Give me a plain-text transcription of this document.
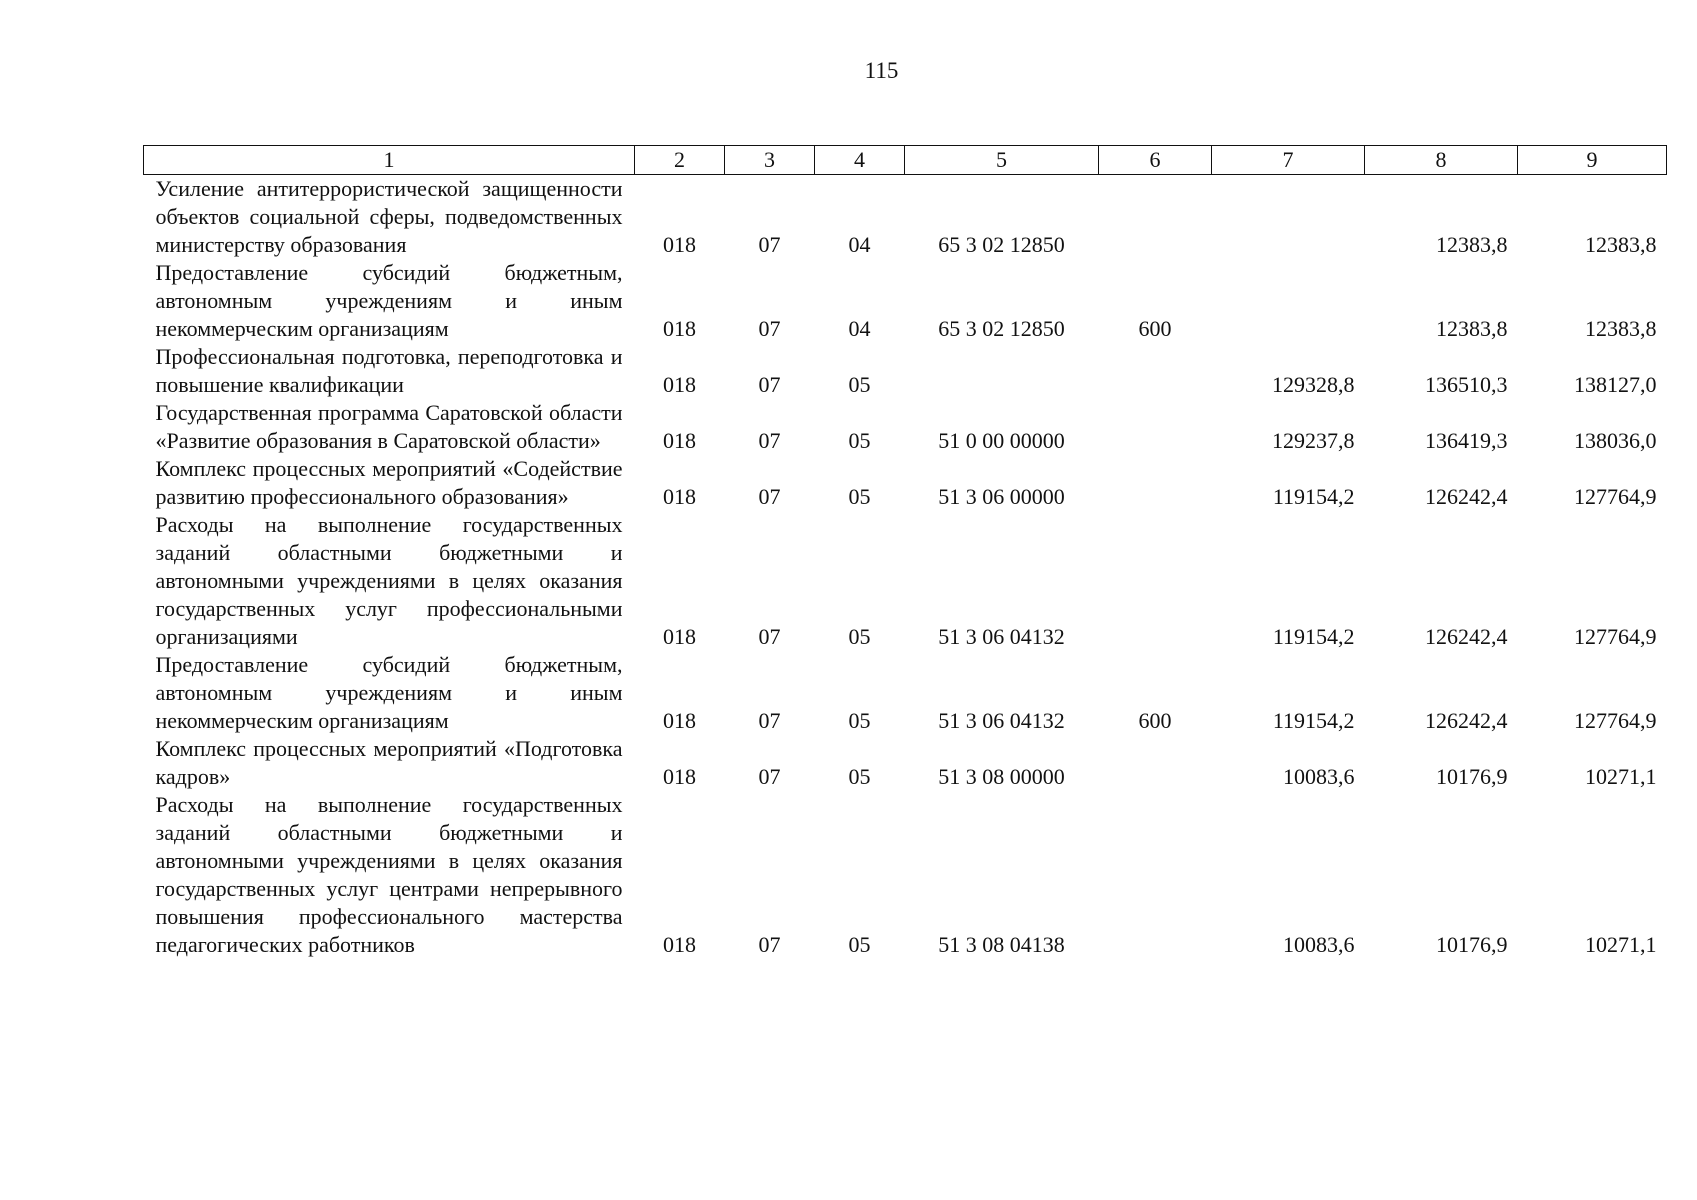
115
1	2	3	4	5	6	7	8	9
Усиление антитеррористической защищенности объектов социальной сферы, подведомственных министерству образования	018	07	04	65 3 02 12850			12383,8	12383,8
Предоставление субсидий бюджетным, автономным учреждениям и иным некоммерческим организациям	018	07	04	65 3 02 12850	600		12383,8	12383,8
Профессиональная подготовка, переподготовка и повышение квалификации	018	07	05			129328,8	136510,3	138127,0
Государственная программа Саратовской области «Развитие образования в Саратовской области»	018	07	05	51 0 00 00000		129237,8	136419,3	138036,0
Комплекс процессных мероприятий «Содействие развитию профессионального образования»	018	07	05	51 3 06 00000		119154,2	126242,4	127764,9
Расходы на выполнение государственных заданий областными бюджетными и автономными учреждениями в целях оказания государственных услуг профессиональными организациями	018	07	05	51 3 06 04132		119154,2	126242,4	127764,9
Предоставление субсидий бюджетным, автономным учреждениям и иным некоммерческим организациям	018	07	05	51 3 06 04132	600	119154,2	126242,4	127764,9
Комплекс процессных мероприятий «Подготовка кадров»	018	07	05	51 3 08 00000		10083,6	10176,9	10271,1
Расходы на выполнение государственных заданий областными бюджетными и автономными учреждениями в целях оказания государственных услуг центрами непрерывного повышения профессионального мастерства педагогических работников	018	07	05	51 3 08 04138		10083,6	10176,9	10271,1
